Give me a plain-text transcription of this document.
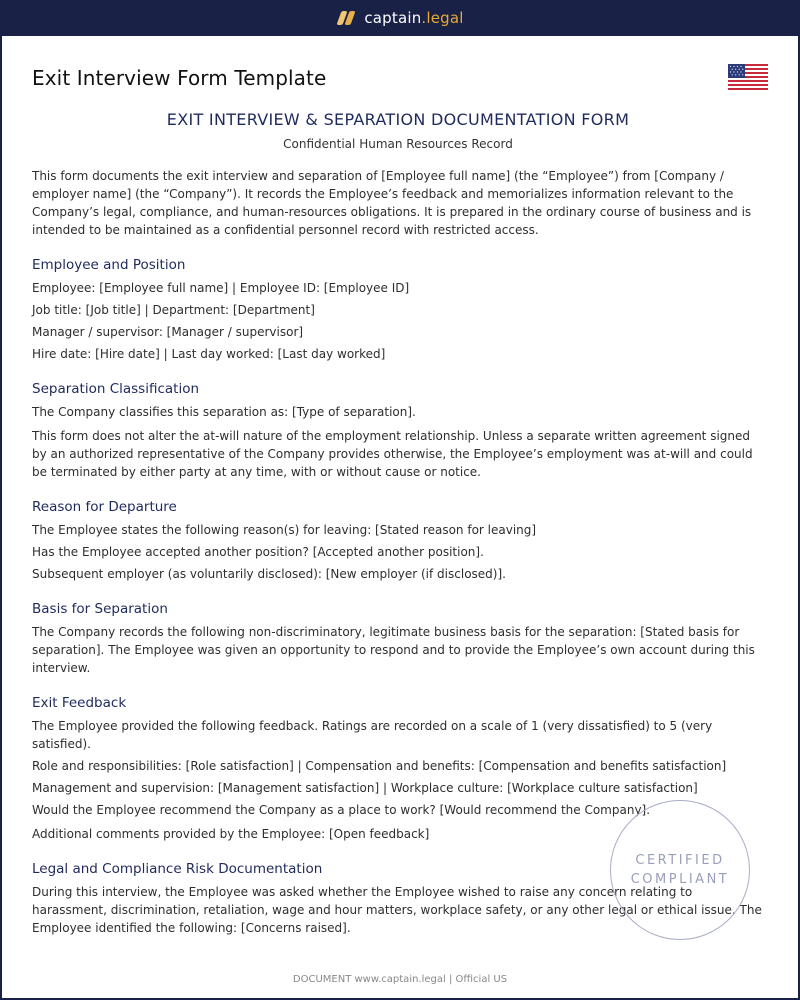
captain.legal
Exit Interview Form Template
EXIT INTERVIEW & SEPARATION DOCUMENTATION FORM
Confidential Human Resources Record

This form documents the exit interview and separation of [Employee full name] (the “Employee”) from [Company / employer name] (the “Company”). It records the Employee’s feedback and memorializes information relevant to the Company’s legal, compliance, and human-resources obligations. It is prepared in the ordinary course of business and is intended to be maintained as a confidential personnel record with restricted access.

Employee and Position

Employee: [Employee full name] | Employee ID: [Employee ID]

Job title: [Job title] | Department: [Department]

Manager / supervisor: [Manager / supervisor]

Hire date: [Hire date] | Last day worked: [Last day worked]

Separation Classification

The Company classifies this separation as: [Type of separation].

This form does not alter the at-will nature of the employment relationship. Unless a separate written agreement signed by an authorized representative of the Company provides otherwise, the Employee’s employment was at-will and could be terminated by either party at any time, with or without cause or notice.

Reason for Departure

The Employee states the following reason(s) for leaving: [Stated reason for leaving]

Has the Employee accepted another position? [Accepted another position].

Subsequent employer (as voluntarily disclosed): [New employer (if disclosed)].

Basis for Separation

The Company records the following non-discriminatory, legitimate business basis for the separation: [Stated basis for separation]. The Employee was given an opportunity to respond and to provide the Employee’s own account during this interview.

Exit Feedback

The Employee provided the following feedback. Ratings are recorded on a scale of 1 (very dissatisfied) to 5 (very satisfied).

Role and responsibilities: [Role satisfaction] | Compensation and benefits: [Compensation and benefits satisfaction]

Management and supervision: [Management satisfaction] | Workplace culture: [Workplace culture satisfaction]

Would the Employee recommend the Company as a place to work? [Would recommend the Company].

Additional comments provided by the Employee: [Open feedback]

Legal and Compliance Risk Documentation

During this interview, the Employee was asked whether the Employee wished to raise any concern relating to harassment, discrimination, retaliation, wage and hour matters, workplace safety, or any other legal or ethical issue. The Employee identified the following: [Concerns raised].

CERTIFIED
COMPLIANT
DOCUMENT www.captain.legal | Official US
